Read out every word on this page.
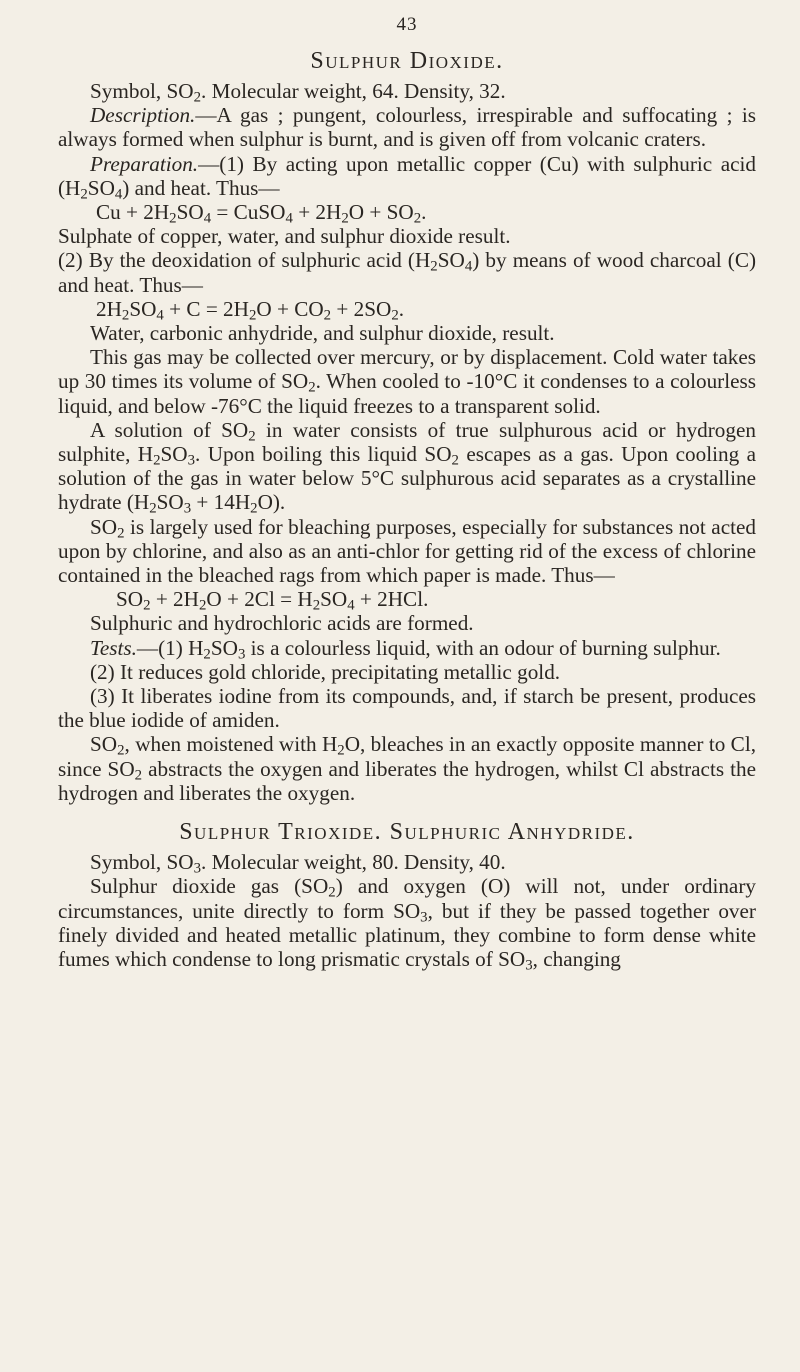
43
Sulphur Dioxide.

Symbol, $SO_2$. Molecular weight, 64. Density, 32.

Description.—A gas ; pungent, colourless, irrespirable and suffocating ; is always formed when sulphur is burnt, and is given off from volcanic craters.

Preparation.—(1) By acting upon metallic copper (Cu) with sulphuric acid $(H_2SO_4)$ and heat. Thus—

$Cu + 2H_2SO_4$ = CuSO$_4$ + $2H_2O + SO_2$.

Sulphate of copper, water, and sulphur dioxide result.

(2) By the deoxidation of sulphuric acid $(H_2SO_4)$ by means of wood charcoal (C) and heat. Thus—

$2H_2SO_4 + C = 2H_2O + CO_2 + 2SO_2$.

Water, carbonic anhydride, and sulphur dioxide, result.

This gas may be collected over mercury, or by displacement. Cold water takes up 30 times its volume of $SO_2$. When cooled to -10°C it condenses to a colourless liquid, and below -76°C the liquid freezes to a transparent solid.

A solution of $SO_2$ in water consists of true sulphurous acid or hydrogen sulphite, $H_2SO_3$. Upon boiling this liquid $SO_2$ escapes as a gas. Upon cooling a solution of the gas in water below 5°C sulphurous acid separates as a crystalline hydrate $(H_2SO_3 + 14H_2O)$.

$SO_2$ is largely used for bleaching purposes, especially for substances not acted upon by chlorine, and also as an anti-chlor for getting rid of the excess of chlorine contained in the bleached rags from which paper is made. Thus—

$SO_2 + 2H_2O + 2Cl = H_2SO_4 + 2HCl$.

Sulphuric and hydrochloric acids are formed.

Tests.—(1) $H_2SO_3$ is a colourless liquid, with an odour of burning sulphur.

(2) It reduces gold chloride, precipitating metallic gold.

(3) It liberates iodine from its compounds, and, if starch be present, produces the blue iodide of amiden.

$SO_2$, when moistened with $H_2O$, bleaches in an exactly opposite manner to Cl, since $SO_2$ abstracts the oxygen and liberates the hydrogen, whilst Cl abstracts the hydrogen and liberates the oxygen.

Sulphur Trioxide. Sulphuric Anhydride.

Symbol, $SO_3$. Molecular weight, 80. Density, 40.

Sulphur dioxide gas $(SO_2)$ and oxygen (O) will not, under ordinary circumstances, unite directly to form $SO_3$, but if they be passed together over finely divided and heated metallic platinum, they combine to form dense white fumes which condense to long prismatic crystals of $SO_3$, changing
